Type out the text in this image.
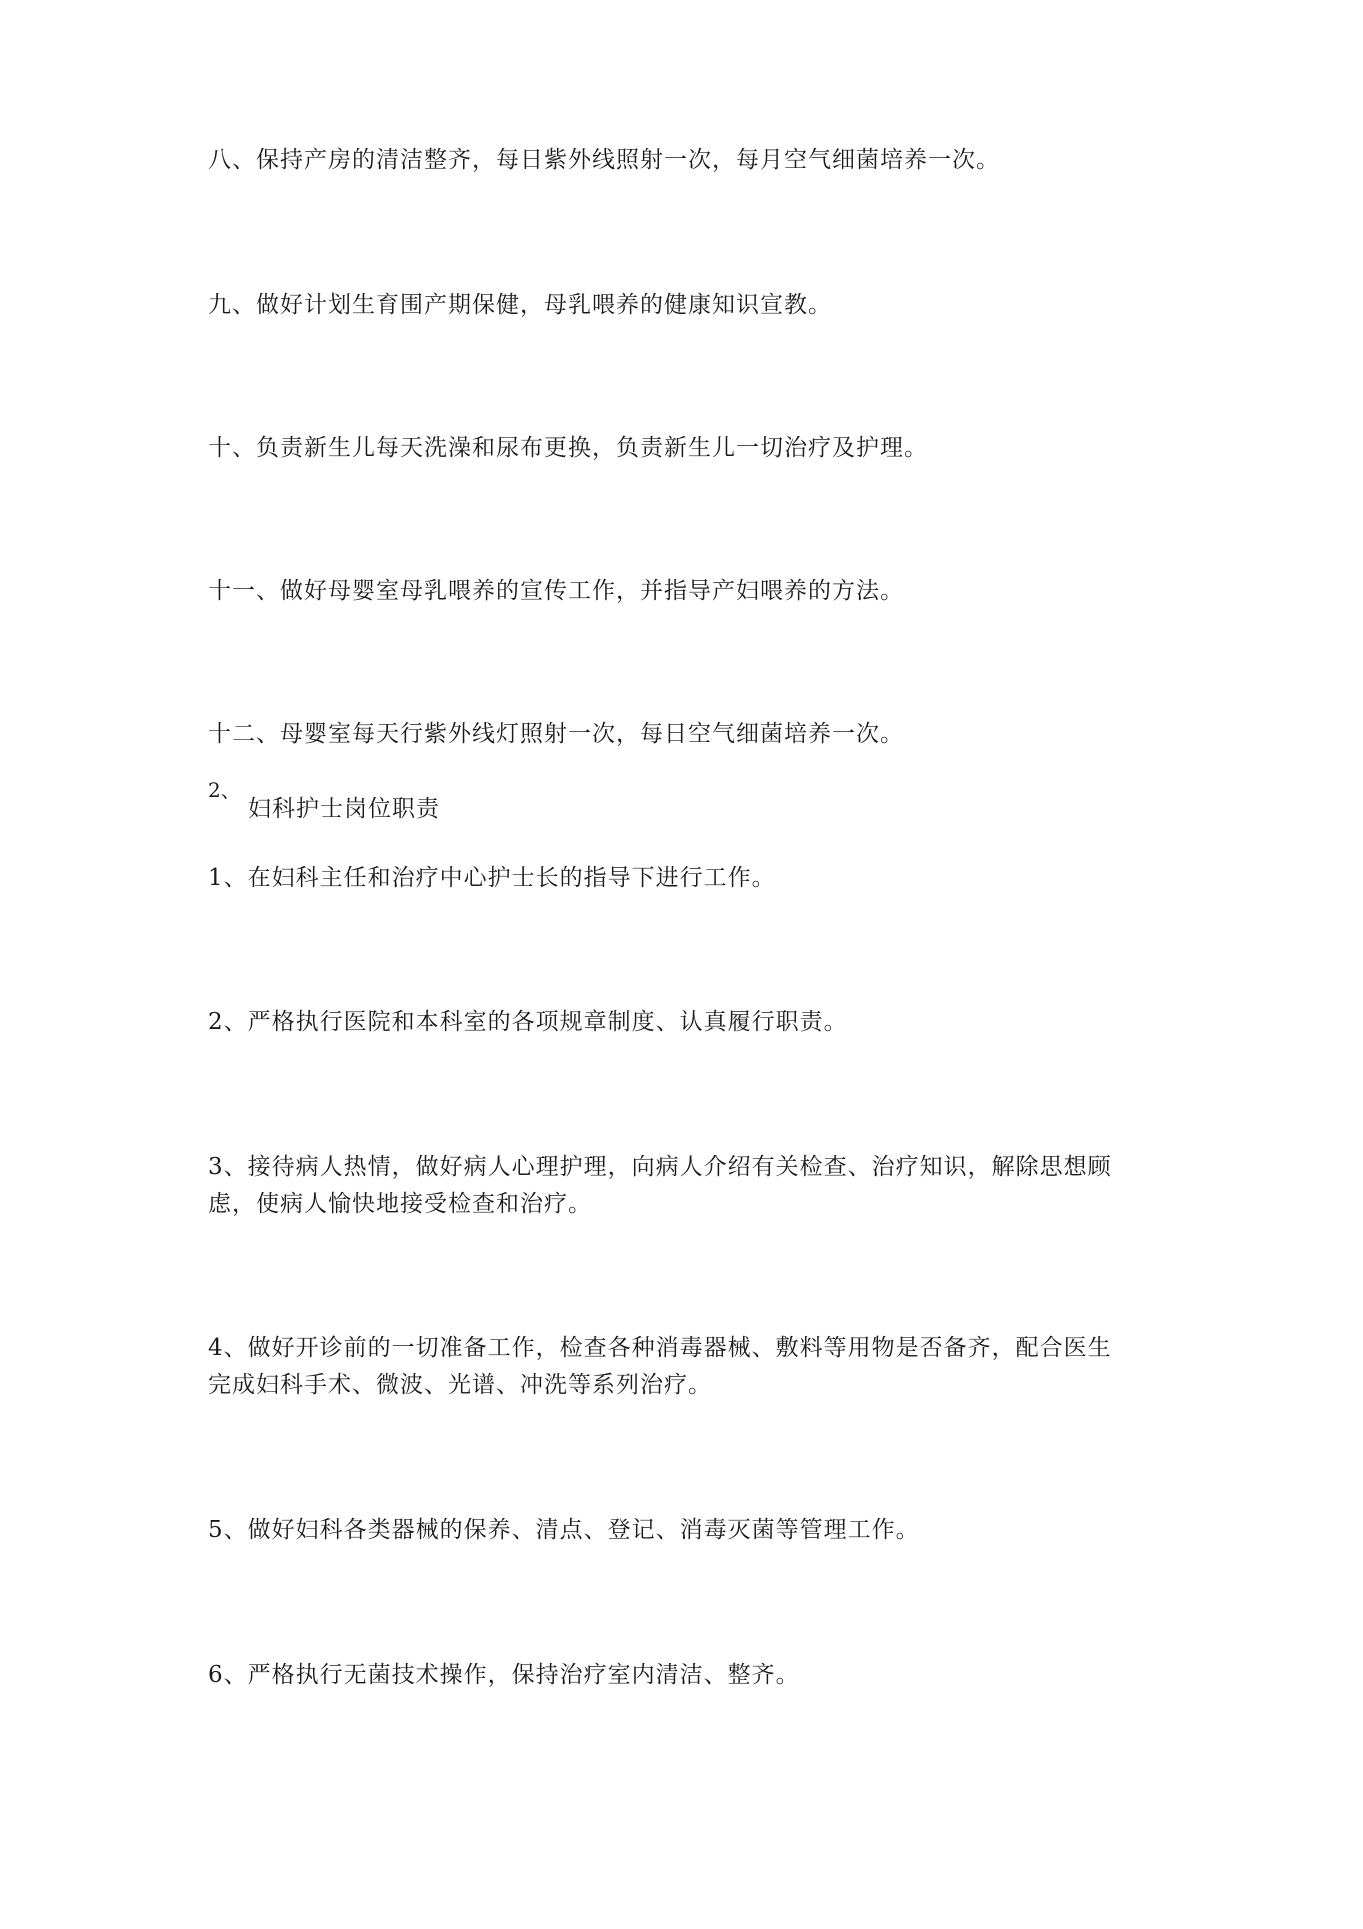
八、保持产房的清洁整齐，每日紫外线照射一次，每月空气细菌培养一次。

九、做好计划生育围产期保健，母乳喂养的健康知识宣教。

十、负责新生儿每天洗澡和尿布更换，负责新生儿一切治疗及护理。

十一、做好母婴室母乳喂养的宣传工作，并指导产妇喂养的方法。

十二、母婴室每天行紫外线灯照射一次，每日空气细菌培养一次。

2、

妇科护士岗位职责

1、在妇科主任和治疗中心护士长的指导下进行工作。

2、严格执行医院和本科室的各项规章制度、认真履行职责。

3、接待病人热情，做好病人心理护理，向病人介绍有关检查、治疗知识，解除思想顾

虑，使病人愉快地接受检查和治疗。

4、做好开诊前的一切准备工作，检查各种消毒器械、敷料等用物是否备齐，配合医生

完成妇科手术、微波、光谱、冲洗等系列治疗。

5、做好妇科各类器械的保养、清点、登记、消毒灭菌等管理工作。

6、严格执行无菌技术操作，保持治疗室内清洁、整齐。
